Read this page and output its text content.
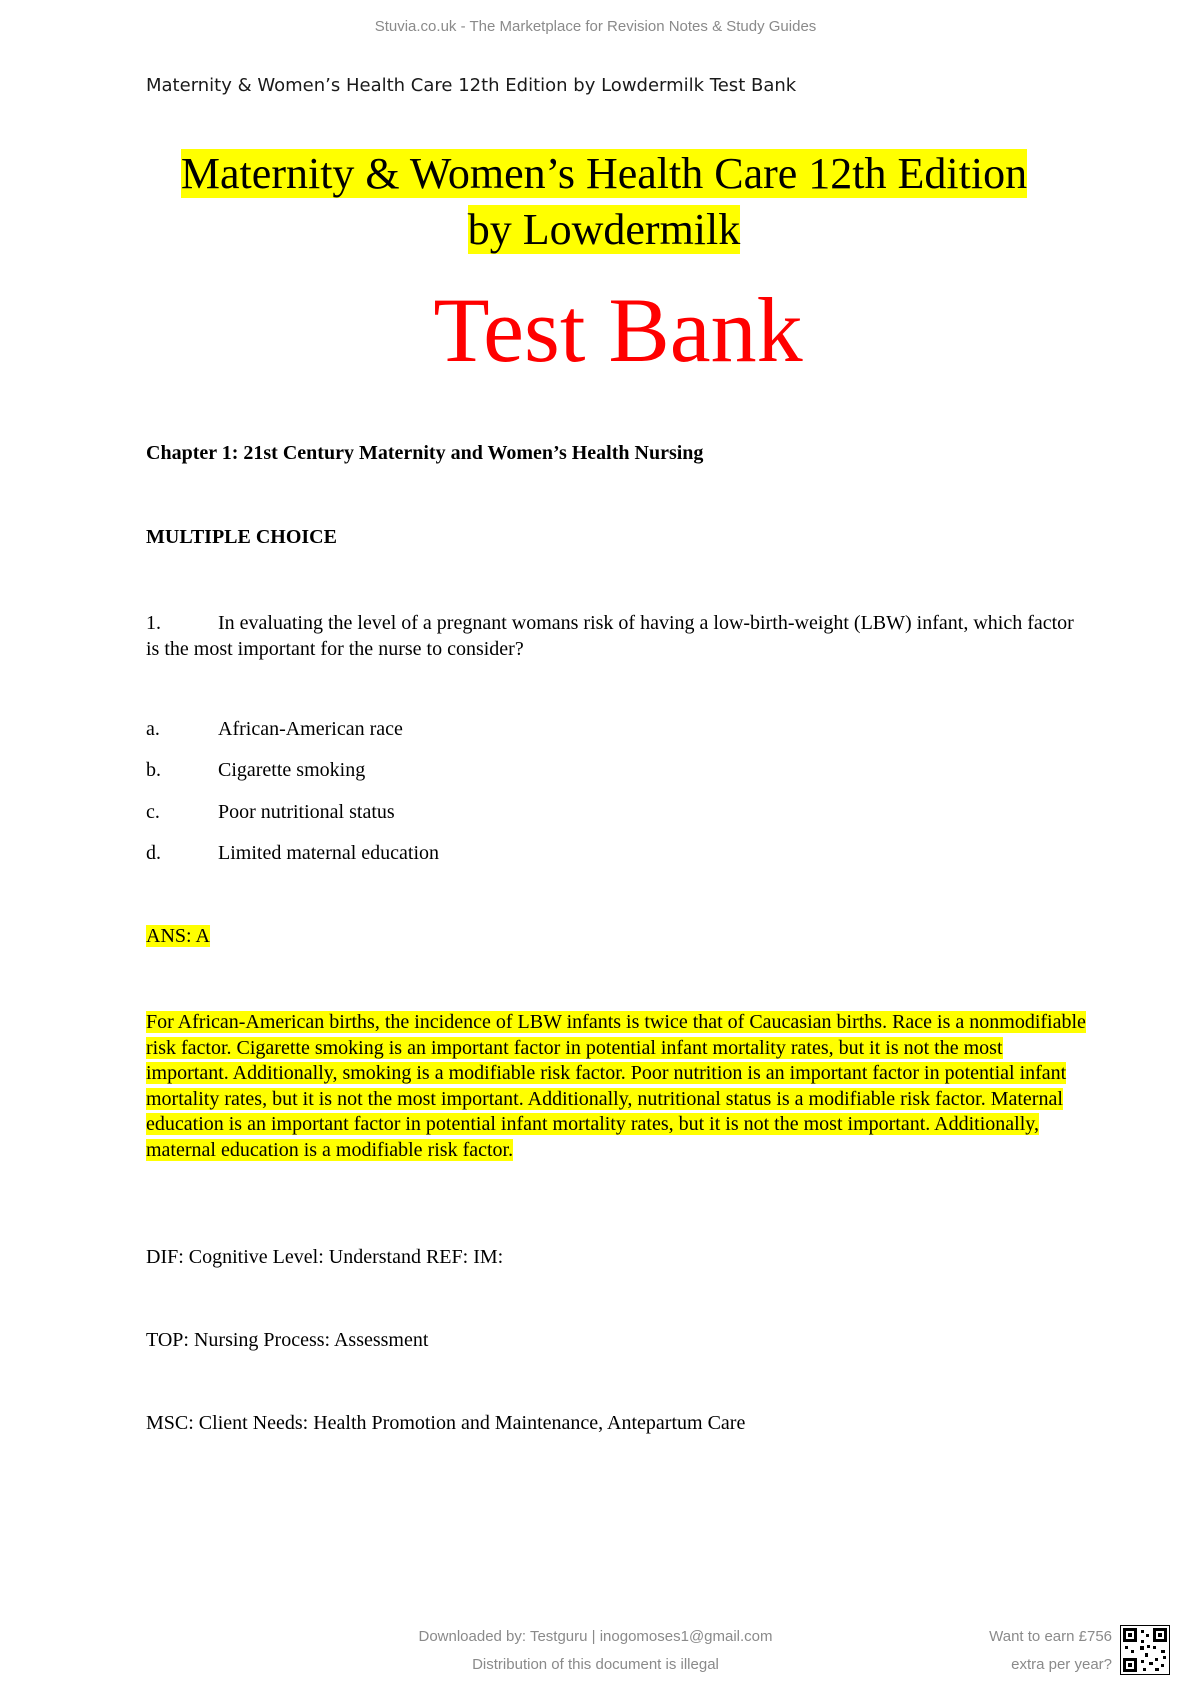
Stuvia.co.uk - The Marketplace for Revision Notes & Study Guides
Maternity & Women’s Health Care 12th Edition by Lowdermilk Test Bank
Maternity & Women’s Health Care 12th Edition
by Lowdermilk
Test Bank
Chapter 1: 21st Century Maternity and Women’s Health Nursing
MULTIPLE CHOICE
1.	In evaluating the level of a pregnant womans risk of having a low-birth-weight (LBW) infant, which factor is the most important for the nurse to consider?
a.	African-American race
b.	Cigarette smoking
c.	Poor nutritional status
d.	Limited maternal education
ANS: A
For African-American births, the incidence of LBW infants is twice that of Caucasian births. Race is a nonmodifiable risk factor. Cigarette smoking is an important factor in potential infant mortality rates, but it is not the most important. Additionally, smoking is a modifiable risk factor. Poor nutrition is an important factor in potential infant mortality rates, but it is not the most important. Additionally, nutritional status is a modifiable risk factor. Maternal education is an important factor in potential infant mortality rates, but it is not the most important. Additionally, maternal education is a modifiable risk factor.
DIF: Cognitive Level: Understand REF: IM:
TOP: Nursing Process: Assessment
MSC: Client Needs: Health Promotion and Maintenance, Antepartum Care
Downloaded by: Testguru | inogomoses1@gmail.com
Distribution of this document is illegal
Want to earn £756
extra per year?
